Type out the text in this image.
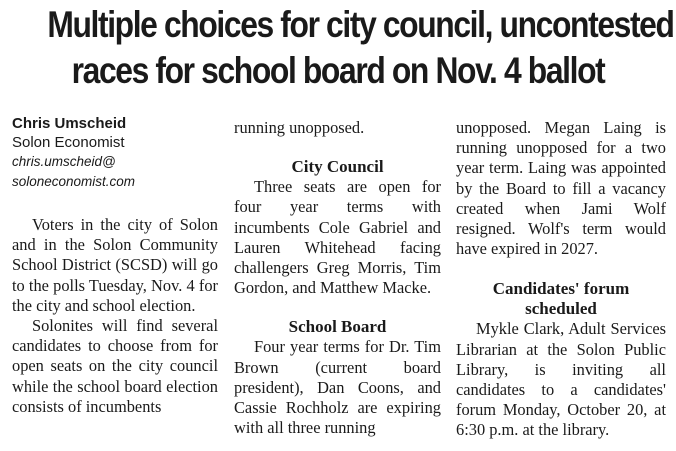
Multiple choices for city council, uncontested
races for school board on Nov. 4 ballot
Chris Umscheid
Solon Economist
chris.umscheid@
soloneconomist.com

Voters in the city of Solon and in the Solon Community School District (SCSD) will go to the polls Tuesday, Nov. 4 for the city and school election.

Solonites will find several candidates to choose from for open seats on the city council while the school board election consists of incumbents

running unopposed.

City Council

Three seats are open for four year terms with incumbents Cole Gabriel and Lauren Whitehead facing challengers Greg Morris, Tim Gordon, and Matthew Macke.

School Board

Four year terms for Dr. Tim Brown (current board president), Dan Coons, and Cassie Rochholz are expiring with all three running

unopposed. Megan Laing is running unopposed for a two year term. Laing was appointed by the Board to fill a vacancy created when Jami Wolf resigned. Wolf's term would have expired in 2027.

Candidates' forum scheduled

Mykle Clark, Adult Services Librarian at the Solon Public Library, is inviting all candidates to a candidates' forum Monday, October 20, at 6:30 p.m. at the library.
